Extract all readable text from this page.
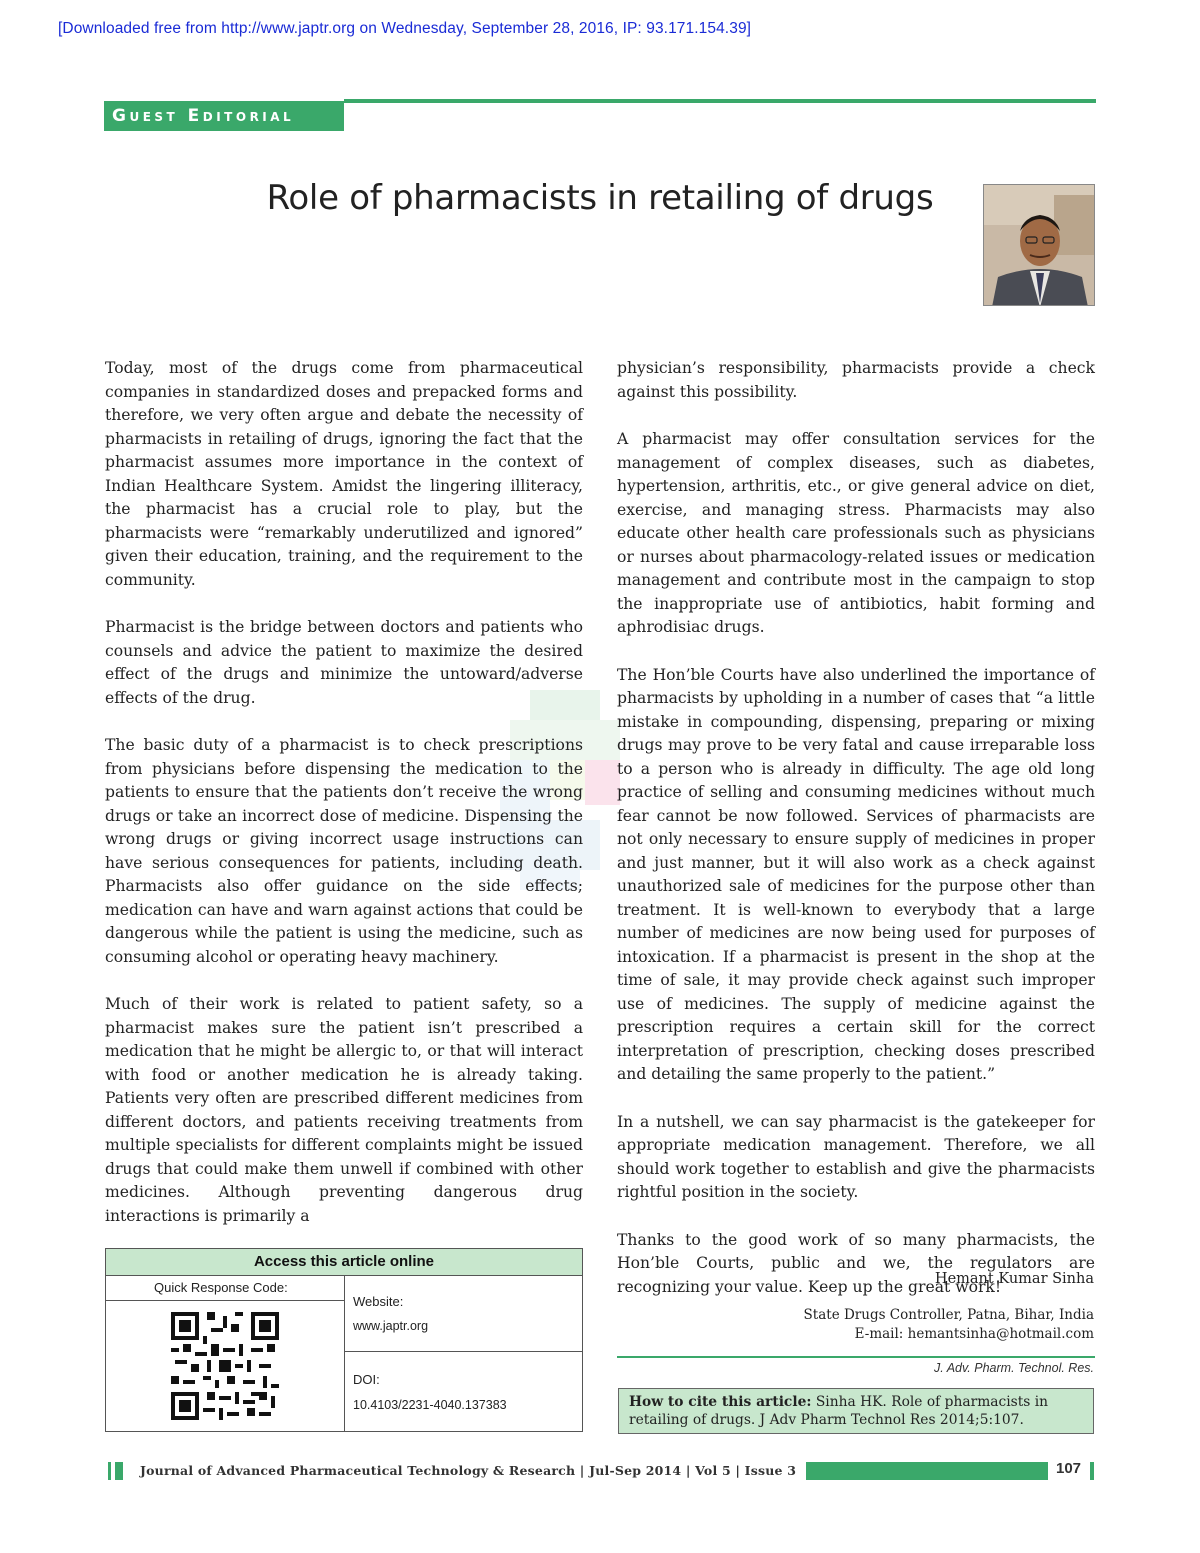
[Downloaded free from http://www.japtr.org on Wednesday, September 28, 2016, IP: 93.171.154.39]
Guest Editorial
Role of pharmacists in retailing of drugs

Today, most of the drugs come from pharmaceutical companies in standardized doses and prepacked forms and therefore, we very often argue and debate the necessity of pharmacists in retailing of drugs, ignoring the fact that the pharmacist assumes more importance in the context of Indian Healthcare System. Amidst the lingering illiteracy, the pharmacist has a crucial role to play, but the pharmacists were “remarkably underutilized and ignored” given their education, training, and the requirement to the community.

Pharmacist is the bridge between doctors and patients who counsels and advice the patient to maximize the desired effect of the drugs and minimize the untoward/adverse effects of the drug.

The basic duty of a pharmacist is to check prescriptions from physicians before dispensing the medication to the patients to ensure that the patients don’t receive the wrong drugs or take an incorrect dose of medicine. Dispensing the wrong drugs or giving incorrect usage instructions can have serious consequences for patients, including death. Pharmacists also offer guidance on the side effects; medication can have and warn against actions that could be dangerous while the patient is using the medicine, such as consuming alcohol or operating heavy machinery.

Much of their work is related to patient safety, so a pharmacist makes sure the patient isn’t prescribed a medication that he might be allergic to, or that will interact with food or another medication he is already taking. Patients very often are prescribed different medicines from different doctors, and patients receiving treatments from multiple specialists for different complaints might be issued drugs that could make them unwell if combined with other medicines. Although preventing dangerous drug interactions is primarily a

physician’s responsibility, pharmacists provide a check against this possibility.

A pharmacist may offer consultation services for the management of complex diseases, such as diabetes, hypertension, arthritis, etc., or give general advice on diet, exercise, and managing stress. Pharmacists may also educate other health care professionals such as physicians or nurses about pharmacology-related issues or medication management and contribute most in the campaign to stop the inappropriate use of antibiotics, habit forming and aphrodisiac drugs.

The Hon’ble Courts have also underlined the importance of pharmacists by upholding in a number of cases that “a little mistake in compounding, dispensing, preparing or mixing drugs may prove to be very fatal and cause irreparable loss to a person who is already in difficulty. The age old long practice of selling and consuming medicines without much fear cannot be now followed. Services of pharmacists are not only necessary to ensure supply of medicines in proper and just manner, but it will also work as a check against unauthorized sale of medicines for the purpose other than treatment. It is well-known to everybody that a large number of medicines are now being used for purposes of intoxication. If a pharmacist is present in the shop at the time of sale, it may provide check against such improper use of medicines. The supply of medicine against the prescription requires a certain skill for the correct interpretation of prescription, checking doses prescribed and detailing the same properly to the patient.”

In a nutshell, we can say pharmacist is the gatekeeper for appropriate medication management. Therefore, we all should work together to establish and give the pharmacists rightful position in the society.

Thanks to the good work of so many pharmacists, the Hon’ble Courts, public and we, the regulators are recognizing your value. Keep up the great work!

Hemant Kumar Sinha
State Drugs Controller, Patna, Bihar, India
E-mail: hemantsinha@hotmail.com
J. Adv. Pharm. Technol. Res.
Access this article online
Quick Response Code:
Website:
www.japtr.org
DOI:
10.4103/2231-4040.137383	How to cite this article: Sinha HK. Role of pharmacists in retailing of drugs. J Adv Pharm Technol Res 2014;5:107.
Journal of Advanced Pharmaceutical Technology & Research | Jul-Sep 2014 | Vol 5 | Issue 3	107
